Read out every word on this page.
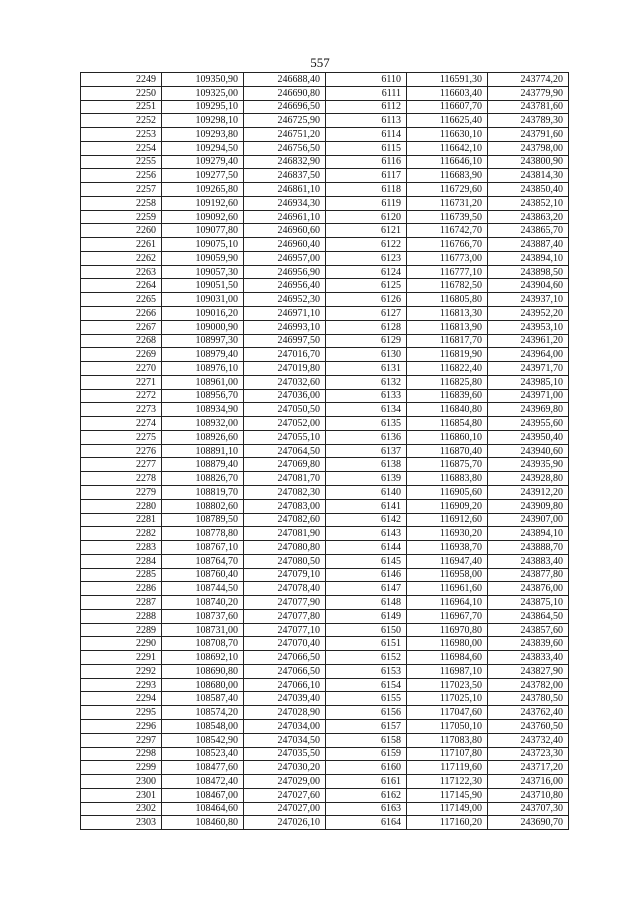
557
2249	109350,90	246688,40	6110	116591,30	243774,20
2250	109325,00	246690,80	6111	116603,40	243779,90
2251	109295,10	246696,50	6112	116607,70	243781,60
2252	109298,10	246725,90	6113	116625,40	243789,30
2253	109293,80	246751,20	6114	116630,10	243791,60
2254	109294,50	246756,50	6115	116642,10	243798,00
2255	109279,40	246832,90	6116	116646,10	243800,90
2256	109277,50	246837,50	6117	116683,90	243814,30
2257	109265,80	246861,10	6118	116729,60	243850,40
2258	109192,60	246934,30	6119	116731,20	243852,10
2259	109092,60	246961,10	6120	116739,50	243863,20
2260	109077,80	246960,60	6121	116742,70	243865,70
2261	109075,10	246960,40	6122	116766,70	243887,40
2262	109059,90	246957,00	6123	116773,00	243894,10
2263	109057,30	246956,90	6124	116777,10	243898,50
2264	109051,50	246956,40	6125	116782,50	243904,60
2265	109031,00	246952,30	6126	116805,80	243937,10
2266	109016,20	246971,10	6127	116813,30	243952,20
2267	109000,90	246993,10	6128	116813,90	243953,10
2268	108997,30	246997,50	6129	116817,70	243961,20
2269	108979,40	247016,70	6130	116819,90	243964,00
2270	108976,10	247019,80	6131	116822,40	243971,70
2271	108961,00	247032,60	6132	116825,80	243985,10
2272	108956,70	247036,00	6133	116839,60	243971,00
2273	108934,90	247050,50	6134	116840,80	243969,80
2274	108932,00	247052,00	6135	116854,80	243955,60
2275	108926,60	247055,10	6136	116860,10	243950,40
2276	108891,10	247064,50	6137	116870,40	243940,60
2277	108879,40	247069,80	6138	116875,70	243935,90
2278	108826,70	247081,70	6139	116883,80	243928,80
2279	108819,70	247082,30	6140	116905,60	243912,20
2280	108802,60	247083,00	6141	116909,20	243909,80
2281	108789,50	247082,60	6142	116912,60	243907,00
2282	108778,80	247081,90	6143	116930,20	243894,10
2283	108767,10	247080,80	6144	116938,70	243888,70
2284	108764,70	247080,50	6145	116947,40	243883,40
2285	108760,40	247079,10	6146	116958,00	243877,80
2286	108744,50	247078,40	6147	116961,60	243876,00
2287	108740,20	247077,90	6148	116964,10	243875,10
2288	108737,60	247077,80	6149	116967,70	243864,50
2289	108731,00	247077,10	6150	116970,80	243857,60
2290	108708,70	247070,40	6151	116980,00	243839,60
2291	108692,10	247066,50	6152	116984,60	243833,40
2292	108690,80	247066,50	6153	116987,10	243827,90
2293	108680,00	247066,10	6154	117023,50	243782,00
2294	108587,40	247039,40	6155	117025,10	243780,50
2295	108574,20	247028,90	6156	117047,60	243762,40
2296	108548,00	247034,00	6157	117050,10	243760,50
2297	108542,90	247034,50	6158	117083,80	243732,40
2298	108523,40	247035,50	6159	117107,80	243723,30
2299	108477,60	247030,20	6160	117119,60	243717,20
2300	108472,40	247029,00	6161	117122,30	243716,00
2301	108467,00	247027,60	6162	117145,90	243710,80
2302	108464,60	247027,00	6163	117149,00	243707,30
2303	108460,80	247026,10	6164	117160,20	243690,70
